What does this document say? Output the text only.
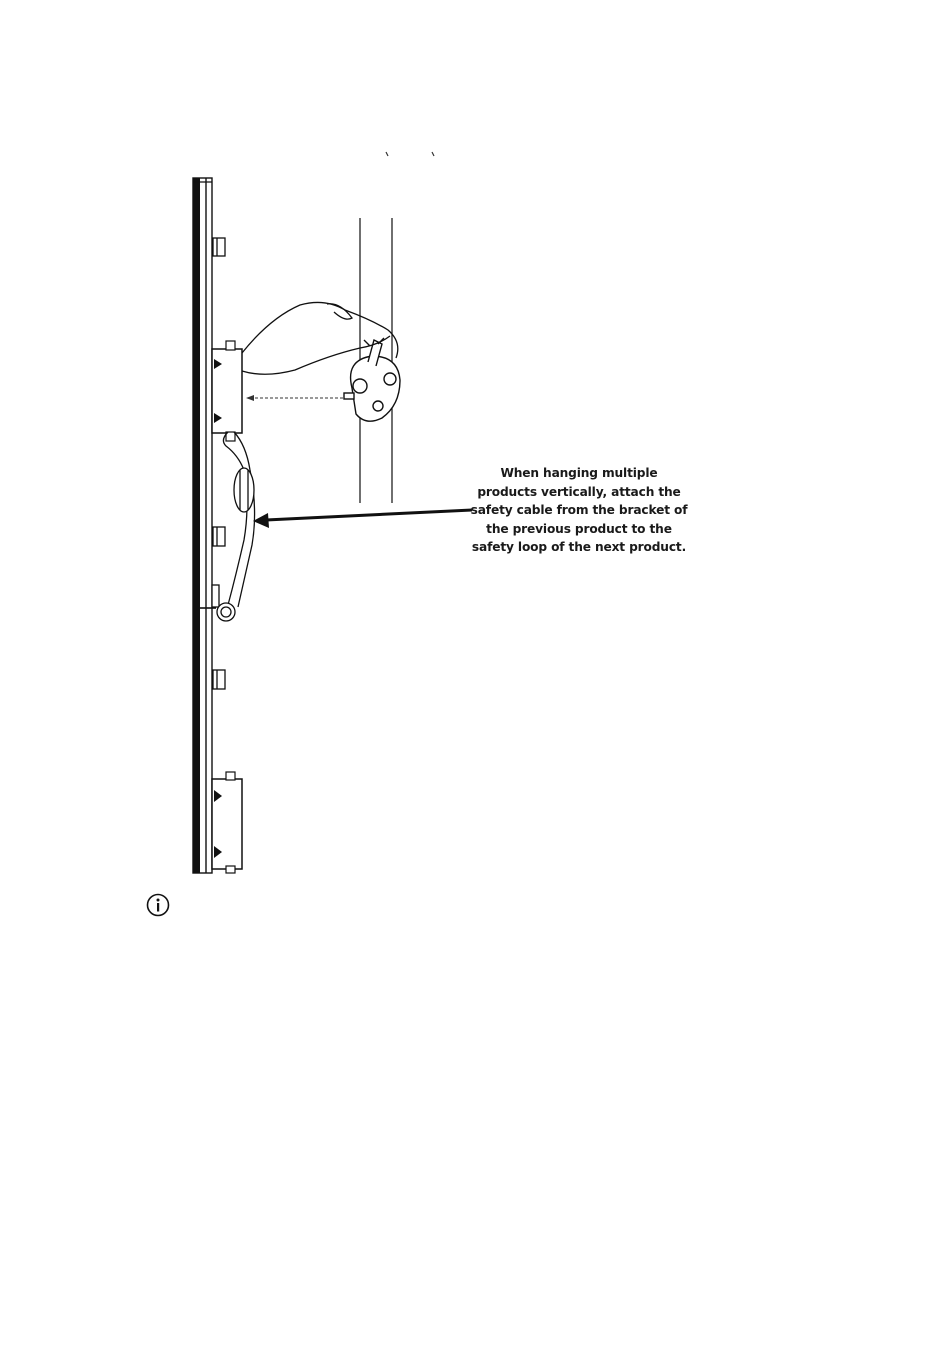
When hanging multiple
products vertically, attach the
safety cable from the bracket of
the previous product to the
safety loop of the next product.
